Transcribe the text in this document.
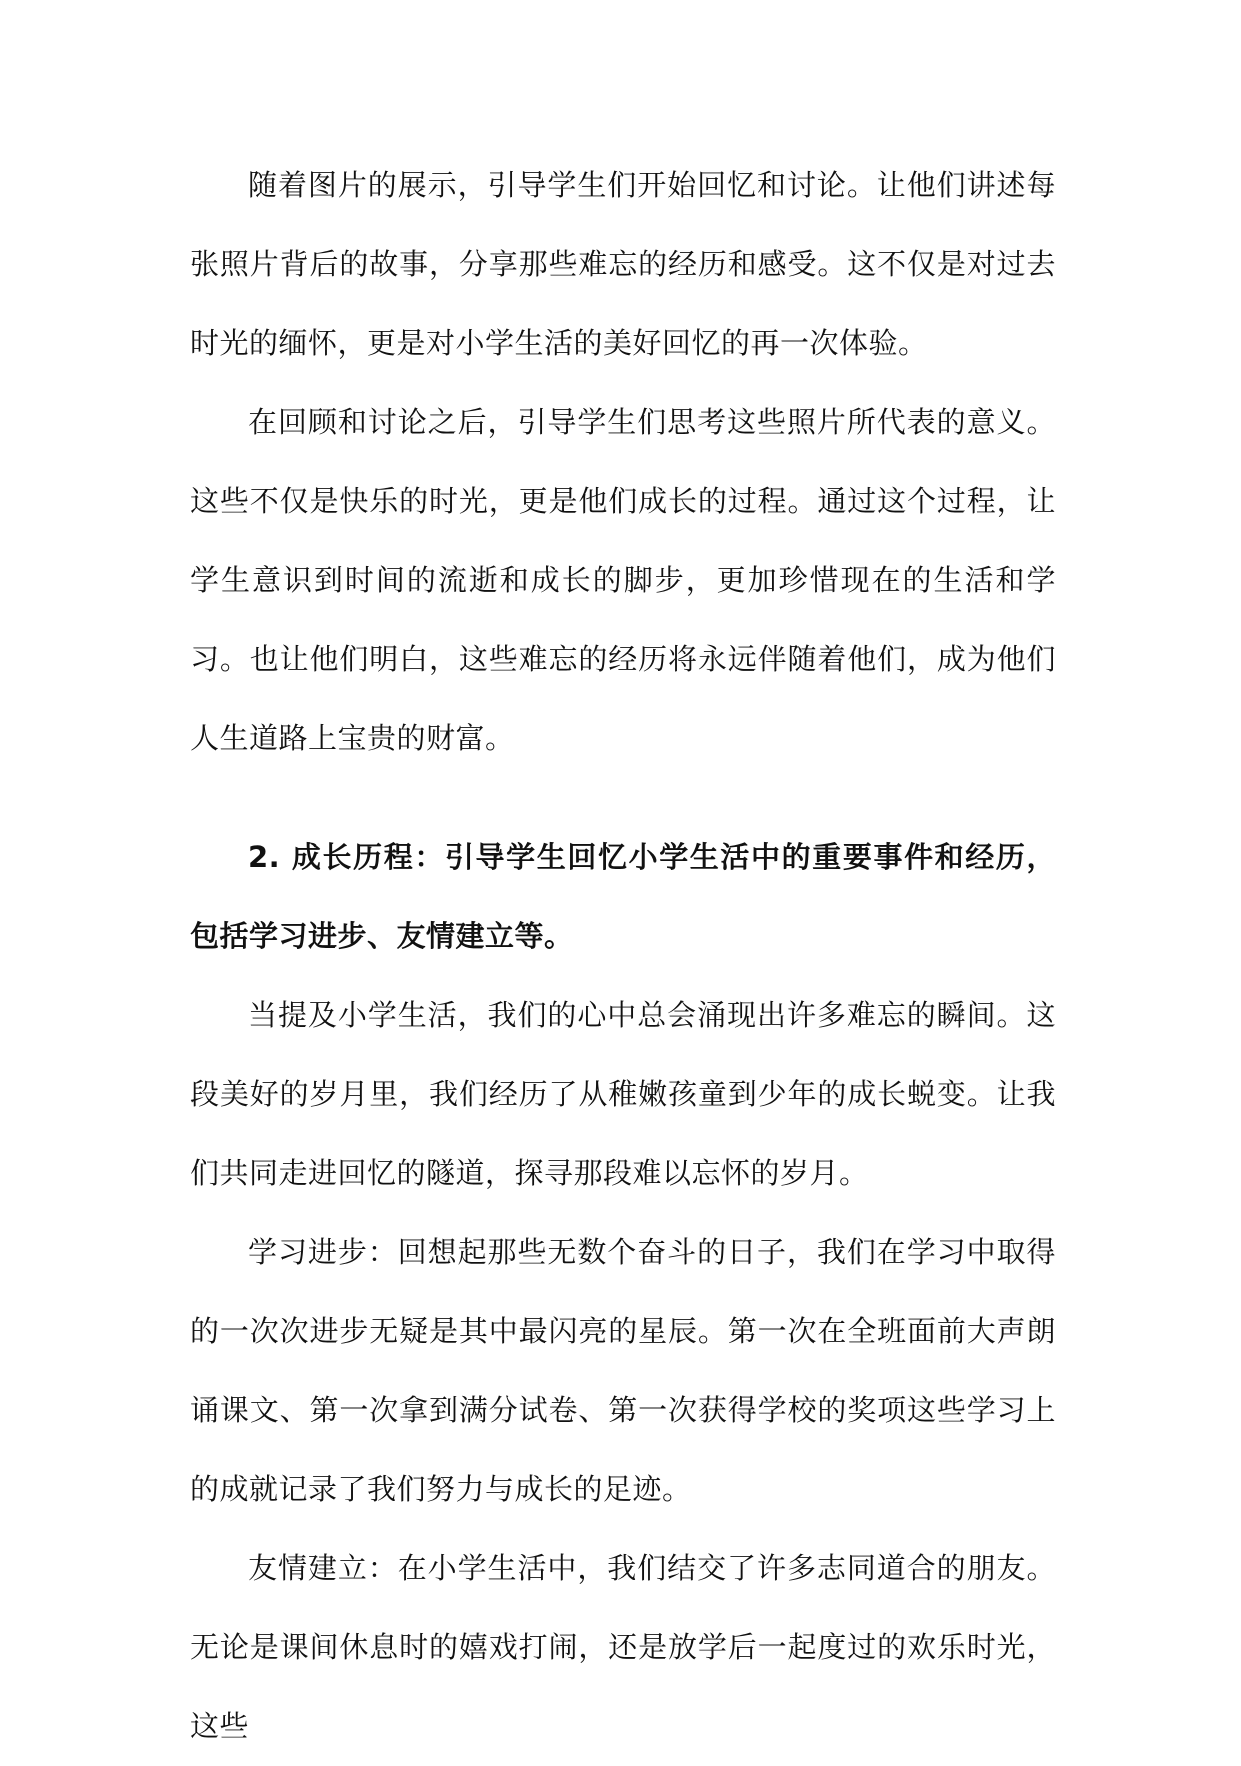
随着图片的展示，引导学生们开始回忆和讨论。让他们讲述每张照片背后的故事，分享那些难忘的经历和感受。这不仅是对过去时光的缅怀，更是对小学生活的美好回忆的再一次体验。

在回顾和讨论之后，引导学生们思考这些照片所代表的意义。这些不仅是快乐的时光，更是他们成长的过程。通过这个过程，让学生意识到时间的流逝和成长的脚步，更加珍惜现在的生活和学习。也让他们明白，这些难忘的经历将永远伴随着他们，成为他们人生道路上宝贵的财富。

2. 成长历程：引导学生回忆小学生活中的重要事件和经历，包括学习进步、友情建立等。

当提及小学生活，我们的心中总会涌现出许多难忘的瞬间。这段美好的岁月里，我们经历了从稚嫩孩童到少年的成长蜕变。让我们共同走进回忆的隧道，探寻那段难以忘怀的岁月。

学习进步：回想起那些无数个奋斗的日子，我们在学习中取得的一次次进步无疑是其中最闪亮的星辰。第一次在全班面前大声朗诵课文、第一次拿到满分试卷、第一次获得学校的奖项这些学习上的成就记录了我们努力与成长的足迹。

友情建立：在小学生活中，我们结交了许多志同道合的朋友。无论是课间休息时的嬉戏打闹，还是放学后一起度过的欢乐时光，这些
